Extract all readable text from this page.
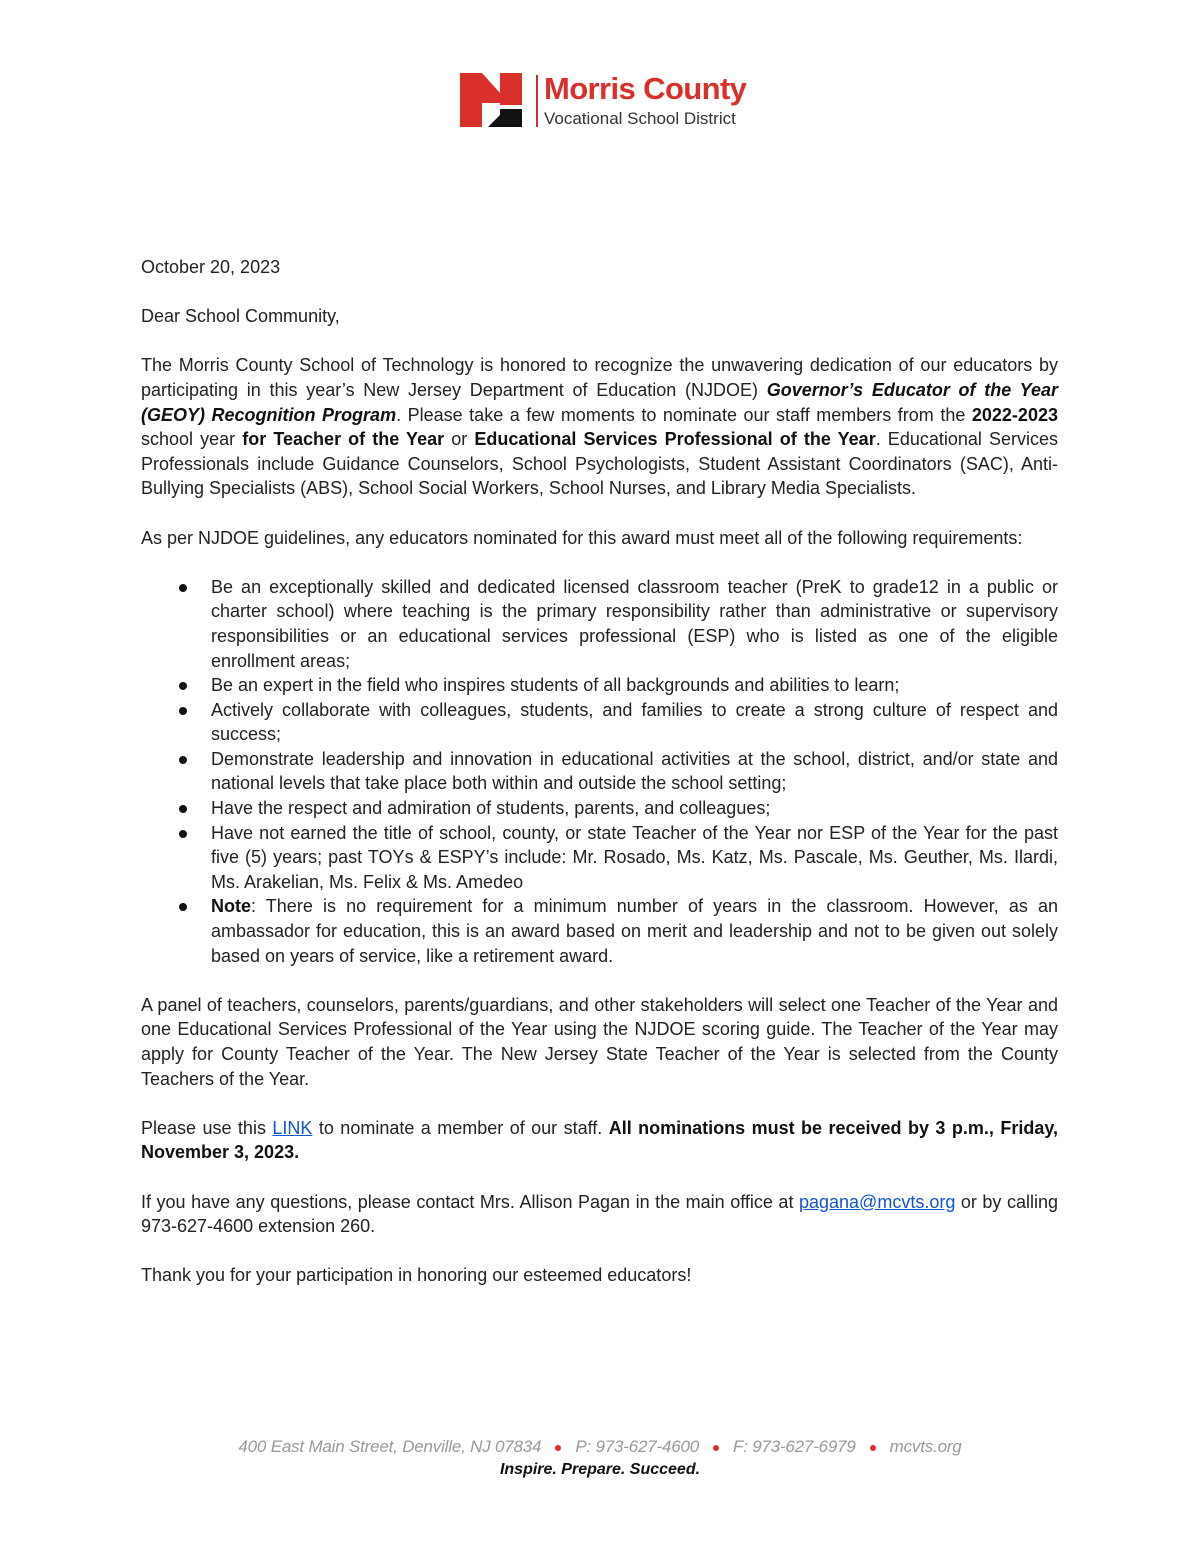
Morris County
Vocational School District

October 20, 2023

Dear School Community,

The Morris County School of Technology is honored to recognize the unwavering dedication of our educators by participating in this year’s New Jersey Department of Education (NJDOE) Governor’s Educator of the Year (GEOY) Recognition Program. Please take a few moments to nominate our staff members from the 2022-2023 school year for Teacher of the Year or Educational Services Professional of the Year. Educational Services Professionals include Guidance Counselors, School Psychologists, Student Assistant Coordinators (SAC), Anti-Bullying Specialists (ABS), School Social Workers, School Nurses, and Library Media Specialists.

As per NJDOE guidelines, any educators nominated for this award must meet all of the following requirements:

Be an exceptionally skilled and dedicated licensed classroom teacher (PreK to grade12 in a public or charter school) where teaching is the primary responsibility rather than administrative or supervisory responsibilities or an educational services professional (ESP) who is listed as one of the eligible enrollment areas;
Be an expert in the field who inspires students of all backgrounds and abilities to learn;
Actively collaborate with colleagues, students, and families to create a strong culture of respect and success;
Demonstrate leadership and innovation in educational activities at the school, district, and/or state and national levels that take place both within and outside the school setting;
Have the respect and admiration of students, parents, and colleagues;
Have not earned the title of school, county, or state Teacher of the Year nor ESP of the Year for the past five (5) years; past TOYs & ESPY’s include: Mr. Rosado, Ms. Katz, Ms. Pascale, Ms. Geuther, Ms. Ilardi, Ms. Arakelian, Ms. Felix & Ms. Amedeo
Note: There is no requirement for a minimum number of years in the classroom. However, as an ambassador for education, this is an award based on merit and leadership and not to be given out solely based on years of service, like a retirement award.

A panel of teachers, counselors, parents/guardians, and other stakeholders will select one Teacher of the Year and one Educational Services Professional of the Year using the NJDOE scoring guide. The Teacher of the Year may apply for County Teacher of the Year. The New Jersey State Teacher of the Year is selected from the County Teachers of the Year.

Please use this LINK to nominate a member of our staff. All nominations must be received by 3 p.m., Friday, November 3, 2023.

If you have any questions, please contact Mrs. Allison Pagan in the main office at pagana@mcvts.org or by calling 973-627-4600 extension 260.

Thank you for your participation in honoring our esteemed educators!

400 East Main Street, Denville, NJ 07834 P: 973-627-4600 F: 973-627-6979 mcvts.org
Inspire. Prepare. Succeed.
